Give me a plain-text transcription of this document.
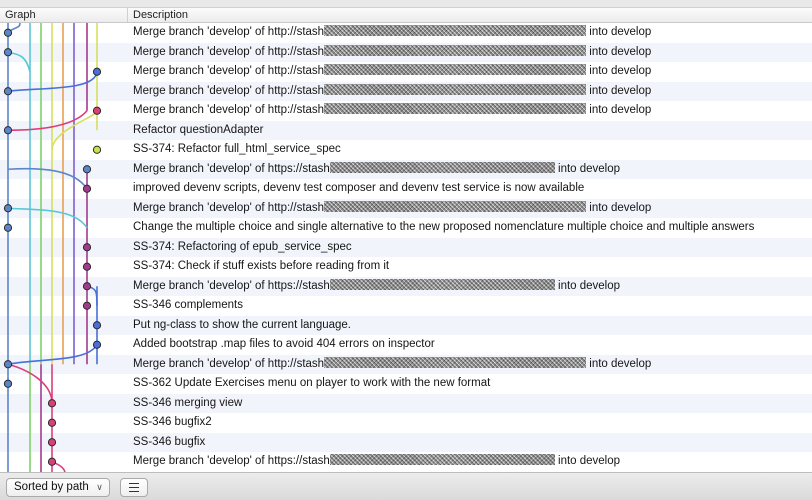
Graph	Description
Merge branch 'develop' of http://stash	into develop
Merge branch 'develop' of http://stash	into develop
Merge branch 'develop' of http://stash	into develop
Merge branch 'develop' of http://stash	into develop
Merge branch 'develop' of http://stash	into develop
Refactor questionAdapter
SS-374: Refactor full_html_service_spec
Merge branch 'develop' of https://stash	into develop
improved devenv scripts, devenv test composer and devenv test service is now available
Merge branch 'develop' of http://stash	into develop
Change the multiple choice and single alternative to the new proposed nomenclature multiple choice and multiple answers
SS-374: Refactoring of epub_service_spec
SS-374: Check if stuff exists before reading from it
Merge branch 'develop' of https://stash	into develop
SS-346 complements
Put ng-class to show the current language.
Added bootstrap .map files to avoid 404 errors on inspector
Merge branch 'develop' of http://stash	into develop
SS-362 Update Exercises menu on player to work with the new format
SS-346 merging view
SS-346 bugfix2
SS-346 bugfix
Merge branch 'develop' of https://stash	into develop
Sorted by path ∨
